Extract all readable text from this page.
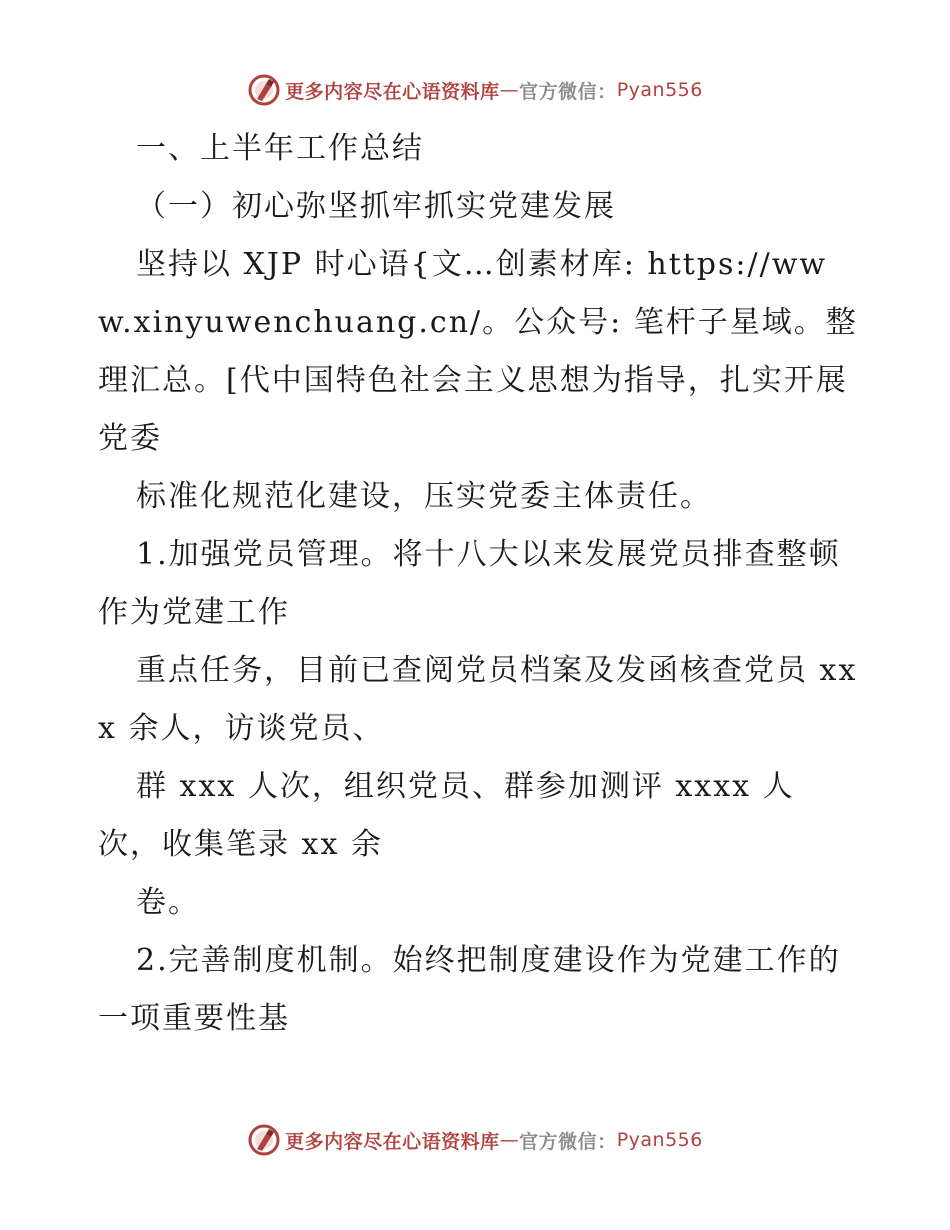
更多内容尽在心语资料库 — 官方微信： Pyan556

一、上半年工作总结

（一）初心弥坚抓牢抓实党建发展

坚持以 XJP 时心语{文…创素材库: https://www.xinyuwenchuang.cn/。公众号: 笔杆子星域。整理汇总。[代中国特色社会主义思想为指导，扎实开展党委

标准化规范化建设，压实党委主体责任。

1.加强党员管理。将十八大以来发展党员排查整顿作为党建工作

重点任务，目前已查阅党员档案及发函核查党员 xxx 余人，访谈党员、

群 xxx 人次，组织党员、群参加测评 xxxx 人次，收集笔录 xx 余

卷。

2.完善制度机制。始终把制度建设作为党建工作的一项重要性基

更多内容尽在心语资料库 — 官方微信： Pyan556
